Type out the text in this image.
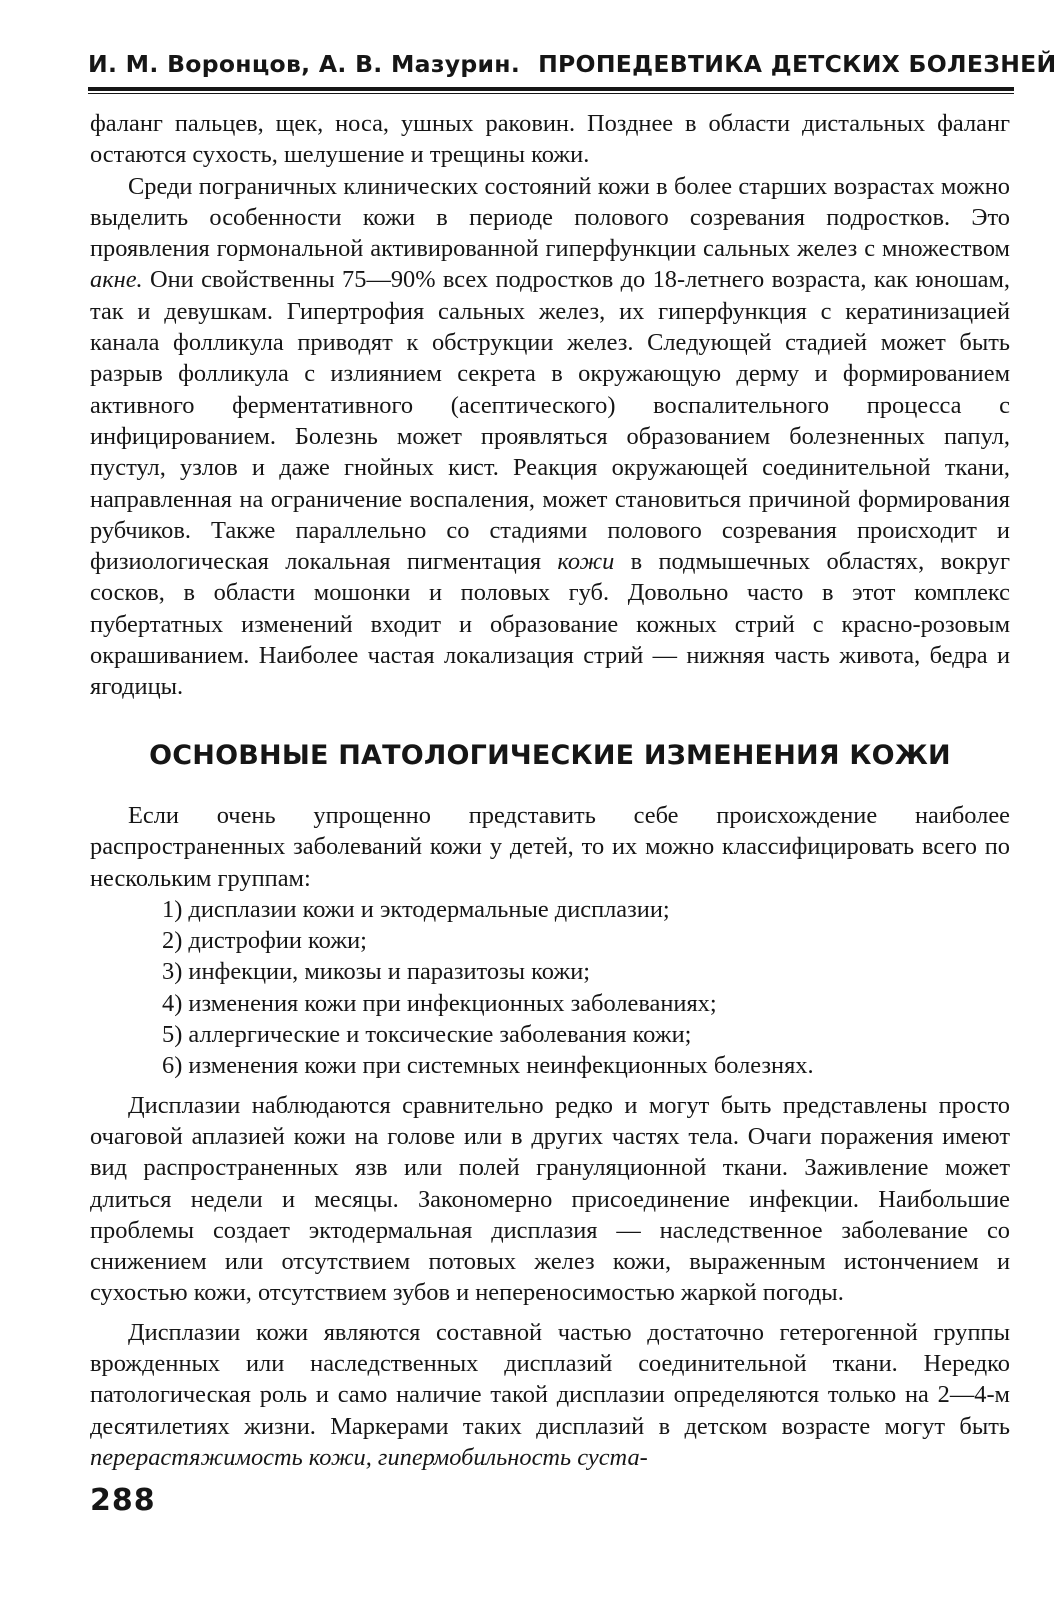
И. М. Воронцов, А. В. Мазурин. ПРОПЕДЕВТИКА ДЕТСКИХ БОЛЕЗНЕЙ

фаланг пальцев, щек, носа, ушных раковин. Позднее в области дистальных фаланг остаются сухость, шелушение и трещины кожи.

Среди пограничных клинических состояний кожи в более старших возрастах можно выделить особенности кожи в периоде полового созревания подростков. Это проявления гормональной активированной гиперфункции сальных желез с множеством акне. Они свойственны 75—90% всех подростков до 18-летнего возраста, как юношам, так и девушкам. Гипертрофия сальных желез, их гиперфункция с кератинизацией канала фолликула приводят к обструкции желез. Следующей стадией может быть разрыв фолликула с излиянием секрета в окружающую дерму и формированием активного ферментативного (асептического) воспалительного процесса с инфицированием. Болезнь может проявляться образованием болезненных папул, пустул, узлов и даже гнойных кист. Реакция окружающей соединительной ткани, направленная на ограничение воспаления, может становиться причиной формирования рубчиков. Также параллельно со стадиями полового созревания происходит и физиологическая локальная пигментация кожи в подмышечных областях, вокруг сосков, в области мошонки и половых губ. Довольно часто в этот комплекс пубертатных изменений входит и образование кожных стрий с красно-розовым окрашиванием. Наиболее частая локализация стрий — нижняя часть живота, бедра и ягодицы.

ОСНОВНЫЕ ПАТОЛОГИЧЕСКИЕ ИЗМЕНЕНИЯ КОЖИ

Если очень упрощенно представить себе происхождение наиболее распространенных заболеваний кожи у детей, то их можно классифицировать всего по нескольким группам:

1) дисплазии кожи и эктодермальные дисплазии;
2) дистрофии кожи;
3) инфекции, микозы и паразитозы кожи;
4) изменения кожи при инфекционных заболеваниях;
5) аллергические и токсические заболевания кожи;
6) изменения кожи при системных неинфекционных болезнях.

Дисплазии наблюдаются сравнительно редко и могут быть представлены просто очаговой аплазией кожи на голове или в других частях тела. Очаги поражения имеют вид распространенных язв или полей грануляционной ткани. Заживление может длиться недели и месяцы. Закономерно присоединение инфекции. Наибольшие проблемы создает эктодермальная дисплазия — наследственное заболевание со снижением или отсутствием потовых желез кожи, выраженным истончением и сухостью кожи, отсутствием зубов и непереносимостью жаркой погоды.

Дисплазии кожи являются составной частью достаточно гетерогенной группы врожденных или наследственных дисплазий соединительной ткани. Нередко патологическая роль и само наличие такой дисплазии определяются только на 2—4-м десятилетиях жизни. Маркерами таких дисплазий в детском возрасте могут быть перерастяжимость кожи, гипермобильность суста-

288
